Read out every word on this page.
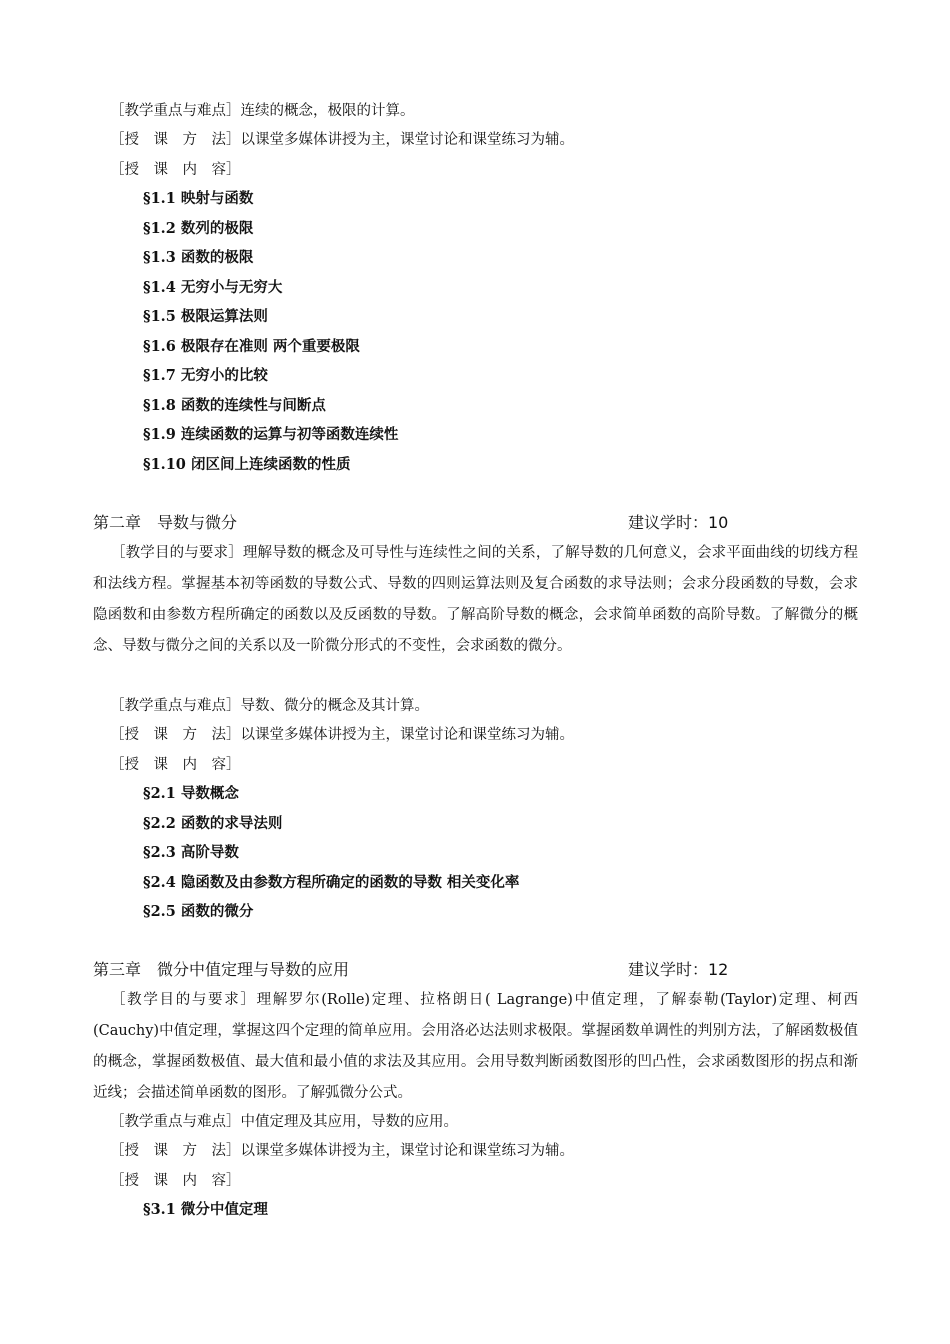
［教学重点与难点］连续的概念，极限的计算。
［授　课　方　法］以课堂多媒体讲授为主，课堂讨论和课堂练习为辅。
［授　课　内　容］
§1.1 映射与函数
§1.2 数列的极限
§1.3 函数的极限
§1.4 无穷小与无穷大
§1.5 极限运算法则
§1.6 极限存在准则 两个重要极限
§1.7 无穷小的比较
§1.8 函数的连续性与间断点
§1.9 连续函数的运算与初等函数连续性
§1.10 闭区间上连续函数的性质
第二章　导数与微分	建议学时：10
［教学目的与要求］理解导数的概念及可导性与连续性之间的关系，了解导数的几何意义，会求平面曲线的切线方程和法线方程。掌握基本初等函数的导数公式、导数的四则运算法则及复合函数的求导法则；会求分段函数的导数，会求隐函数和由参数方程所确定的函数以及反函数的导数。了解高阶导数的概念，会求简单函数的高阶导数。了解微分的概念、导数与微分之间的关系以及一阶微分形式的不变性，会求函数的微分。
［教学重点与难点］导数、微分的概念及其计算。
［授　课　方　法］以课堂多媒体讲授为主，课堂讨论和课堂练习为辅。
［授　课　内　容］
§2.1 导数概念
§2.2 函数的求导法则
§2.3 高阶导数
§2.4 隐函数及由参数方程所确定的函数的导数 相关变化率
§2.5 函数的微分
第三章　微分中值定理与导数的应用	建议学时：12
［教学目的与要求］理解罗尔(Rolle)定理、拉格朗日( Lagrange)中值定理，了解泰勒(Taylor)定理、柯西(Cauchy)中值定理，掌握这四个定理的简单应用。会用洛必达法则求极限。掌握函数单调性的判别方法，了解函数极值的概念，掌握函数极值、最大值和最小值的求法及其应用。会用导数判断函数图形的凹凸性，会求函数图形的拐点和渐近线；会描述简单函数的图形。了解弧微分公式。
［教学重点与难点］中值定理及其应用，导数的应用。
［授　课　方　法］以课堂多媒体讲授为主，课堂讨论和课堂练习为辅。
［授　课　内　容］
§3.1 微分中值定理
